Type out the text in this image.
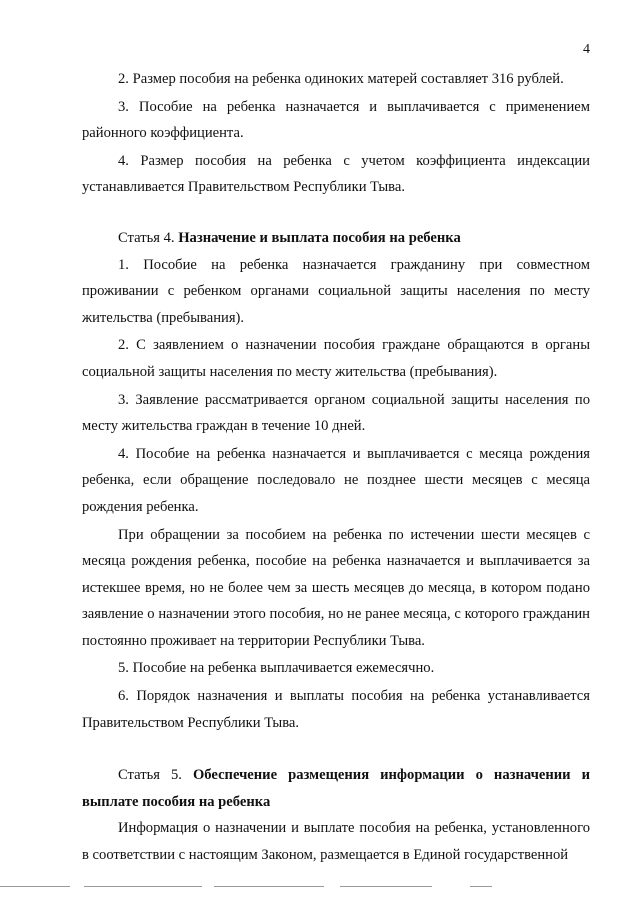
4

2. Размер пособия на ребенка одиноких матерей составляет 316 рублей.

3. Пособие на ребенка назначается и выплачивается с применением районного коэффициента.

4. Размер пособия на ребенка с учетом коэффициента индексации устанавливается Правительством Республики Тыва.

Статья 4. Назначение и выплата пособия на ребенка

1. Пособие на ребенка назначается гражданину при совместном проживании с ребенком органами социальной защиты населения по месту жительства (пребывания).

2. С заявлением о назначении пособия граждане обращаются в органы социальной защиты населения по месту жительства (пребывания).

3. Заявление рассматривается органом социальной защиты населения по месту жительства граждан в течение 10 дней.

4. Пособие на ребенка назначается и выплачивается с месяца рождения ребенка, если обращение последовало не позднее шести месяцев с месяца рождения ребенка.

При обращении за пособием на ребенка по истечении шести месяцев с месяца рождения ребенка, пособие на ребенка назначается и выплачивается за истекшее время, но не более чем за шесть месяцев до месяца, в котором подано заявление о назначении этого пособия, но не ранее месяца, с которого гражданин постоянно проживает на территории Республики Тыва.

5. Пособие на ребенка выплачивается ежемесячно.

6. Порядок назначения и выплаты пособия на ребенка устанавливается Правительством Республики Тыва.

Статья 5. Обеспечение размещения информации о назначении и выплате пособия на ребенка

Информация о назначении и выплате пособия на ребенка, установленного в соответствии с настоящим Законом, размещается в Единой государственной
